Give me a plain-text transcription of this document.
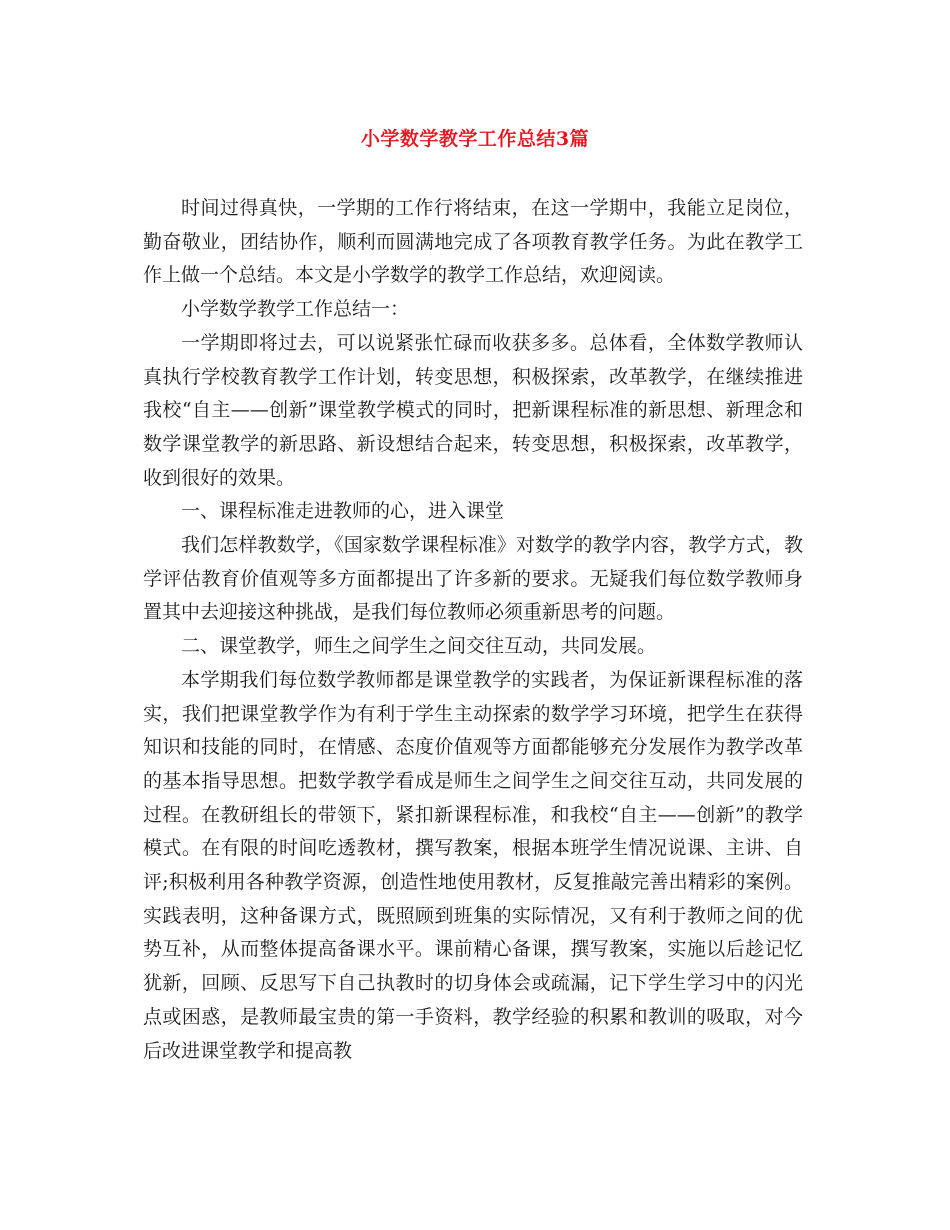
小学数学教学工作总结3篇

时间过得真快，一学期的工作行将结束，在这一学期中，我能立足岗位，勤奋敬业，团结协作，顺利而圆满地完成了各项教育教学任务。为此在教学工作上做一个总结。本文是小学数学的教学工作总结，欢迎阅读。

小学数学教学工作总结一：

一学期即将过去，可以说紧张忙碌而收获多多。总体看，全体数学教师认真执行学校教育教学工作计划，转变思想，积极探索，改革教学，在继续推进我校“自主——创新”课堂教学模式的同时，把新课程标准的新思想、新理念和数学课堂教学的新思路、新设想结合起来，转变思想，积极探索，改革教学，收到很好的效果。

一、课程标准走进教师的心，进入课堂

我们怎样教数学，《国家数学课程标准》对数学的教学内容，教学方式，教学评估教育价值观等多方面都提出了许多新的要求。无疑我们每位数学教师身置其中去迎接这种挑战，是我们每位教师必须重新思考的问题。

二、课堂教学，师生之间学生之间交往互动，共同发展。

本学期我们每位数学教师都是课堂教学的实践者，为保证新课程标准的落实，我们把课堂教学作为有利于学生主动探索的数学学习环境，把学生在获得知识和技能的同时，在情感、态度价值观等方面都能够充分发展作为教学改革的基本指导思想。把数学教学看成是师生之间学生之间交往互动，共同发展的过程。在教研组长的带领下，紧扣新课程标准，和我校“自主——创新”的教学模式。在有限的时间吃透教材，撰写教案，根据本班学生情况说课、主讲、自评;积极利用各种教学资源，创造性地使用教材，反复推敲完善出精彩的案例。实践表明，这种备课方式，既照顾到班集的实际情况，又有利于教师之间的优势互补，从而整体提高备课水平。课前精心备课，撰写教案，实施以后趁记忆犹新，回顾、反思写下自己执教时的切身体会或疏漏，记下学生学习中的闪光点或困惑，是教师最宝贵的第一手资料，教学经验的积累和教训的吸取，对今后改进课堂教学和提高教
